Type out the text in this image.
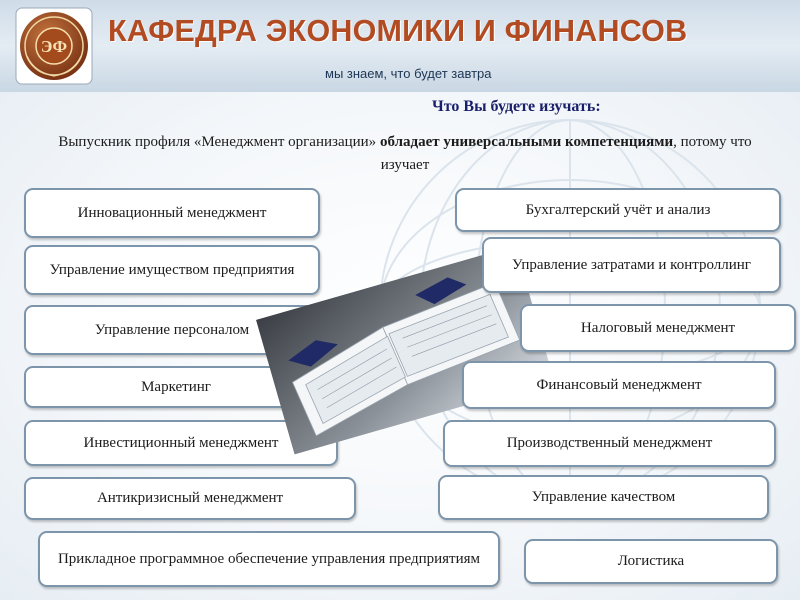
ЭФ КАФЕДРА ЭКОНОМИКИ И ФИНАНСОВ
мы знаем, что будет завтра
Что Вы будете изучать:
Выпускник профиля «Менеджмент организации» обладает универсальными компетенциями, потому что изучает
Инновационный менеджмент
Управление имуществом предприятия
Управление персоналом
Маркетинг
Инвестиционный менеджмент
Антикризисный менеджмент
Бухгалтерский учёт и анализ
Управление затратами и контроллинг
Налоговый менеджмент
Финансовый менеджмент
Производственный менеджмент
Управление качеством
Прикладное программное обеспечение управления предприятиям	Логистика
